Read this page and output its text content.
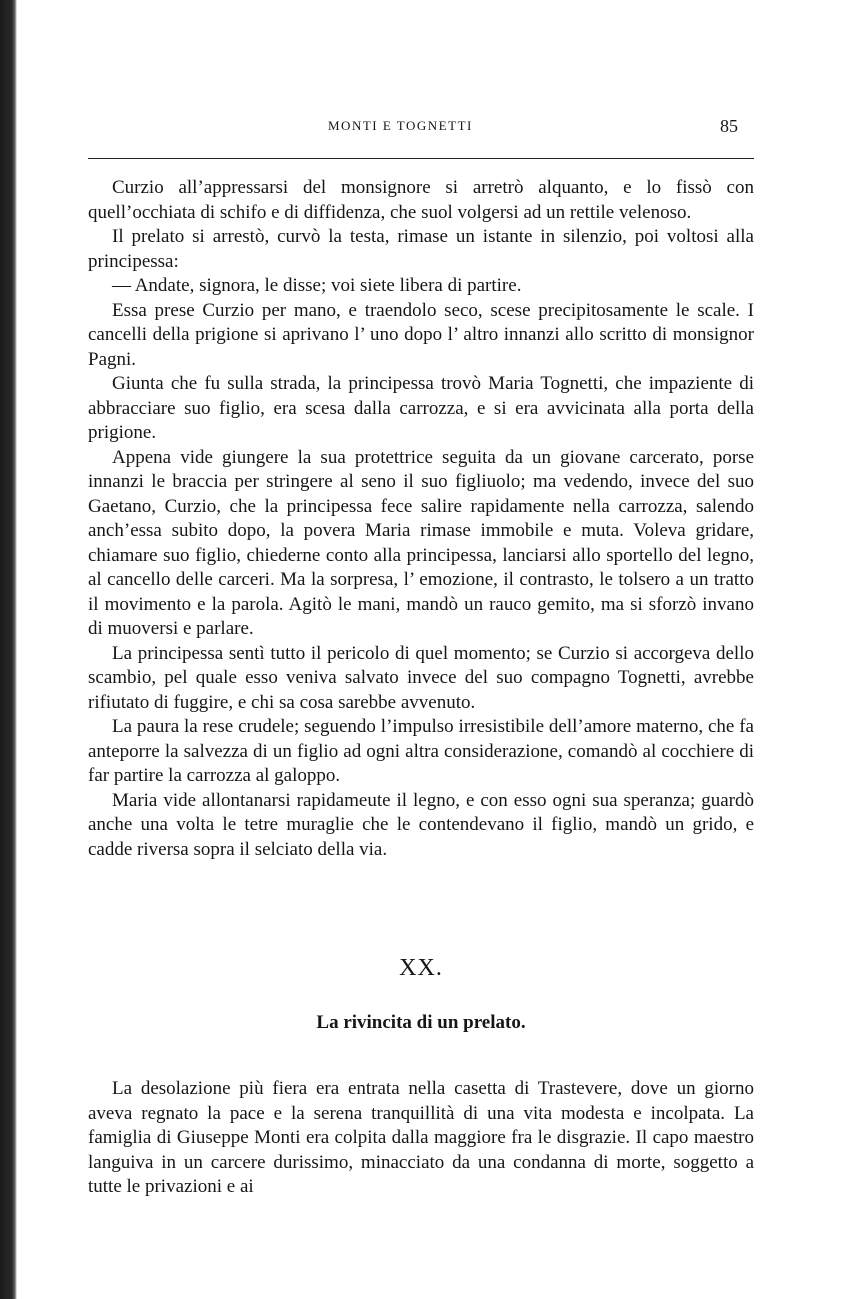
MONTI E TOGNETTI	85

Curzio all’appressarsi del monsignore si arretrò alquanto, e lo fissò con quell’occhiata di schifo e di diffidenza, che suol volgersi ad un rettile velenoso.

Il prelato si arrestò, curvò la testa, rimase un istante in silenzio, poi voltosi alla principessa:

— Andate, signora, le disse; voi siete libera di partire.

Essa prese Curzio per mano, e traendolo seco, scese precipitosamente le scale. I cancelli della prigione si aprivano l’ uno dopo l’ altro innanzi allo scritto di monsignor Pagni.

Giunta che fu sulla strada, la principessa trovò Maria Tognetti, che impaziente di abbracciare suo figlio, era scesa dalla carrozza, e si era avvicinata alla porta della prigione.

Appena vide giungere la sua protettrice seguita da un giovane carcerato, porse innanzi le braccia per stringere al seno il suo figliuolo; ma vedendo, invece del suo Gaetano, Curzio, che la principessa fece salire rapidamente nella carrozza, salendo anch’essa subito dopo, la povera Maria rimase immobile e muta. Voleva gridare, chiamare suo figlio, chiederne conto alla principessa, lanciarsi allo sportello del legno, al cancello delle carceri. Ma la sorpresa, l’ emozione, il contrasto, le tolsero a un tratto il movimento e la parola. Agitò le mani, mandò un rauco gemito, ma si sforzò invano di muoversi e parlare.

La principessa sentì tutto il pericolo di quel momento; se Curzio si accorgeva dello scambio, pel quale esso veniva salvato invece del suo compagno Tognetti, avrebbe rifiutato di fuggire, e chi sa cosa sarebbe avvenuto.

La paura la rese crudele; seguendo l’impulso irresistibile dell’amore materno, che fa anteporre la salvezza di un figlio ad ogni altra considerazione, comandò al cocchiere di far partire la carrozza al galoppo.

Maria vide allontanarsi rapidameute il legno, e con esso ogni sua speranza; guardò anche una volta le tetre muraglie che le contendevano il figlio, mandò un grido, e cadde riversa sopra il selciato della via.

XX.
La rivincita di un prelato.

La desolazione più fiera era entrata nella casetta di Trastevere, dove un giorno aveva regnato la pace e la serena tranquillità di una vita modesta e incolpata. La famiglia di Giuseppe Monti era colpita dalla maggiore fra le disgrazie. Il capo maestro languiva in un carcere durissimo, minacciato da una condanna di morte, soggetto a tutte le privazioni e ai
